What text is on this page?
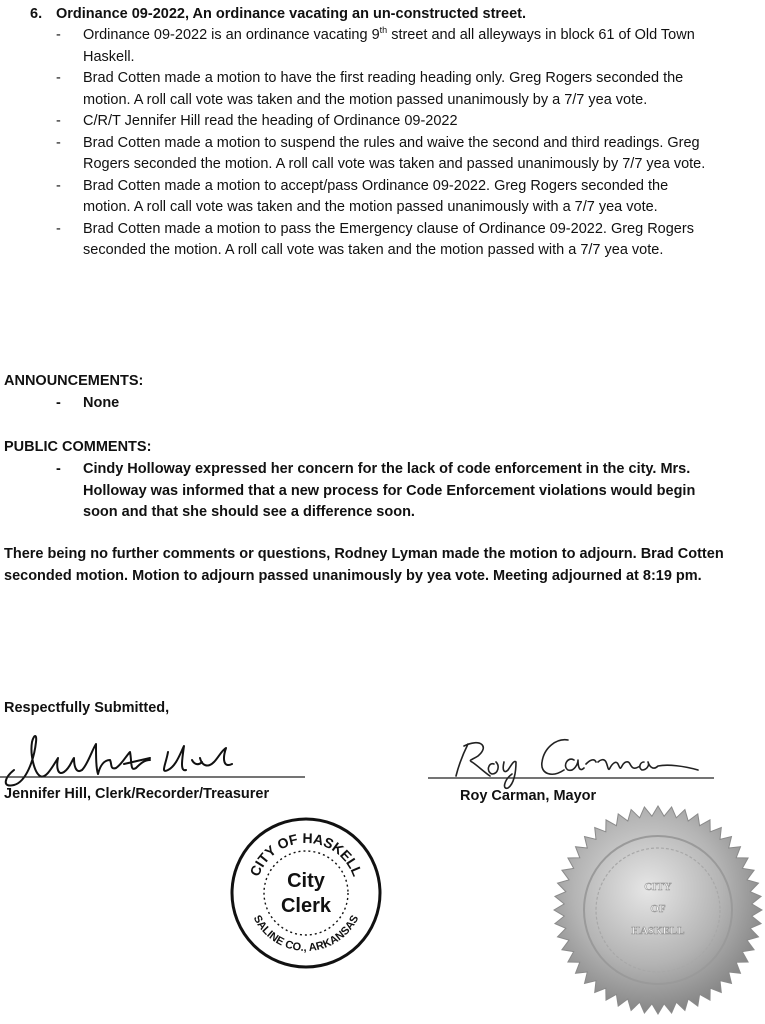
6. Ordinance 09-2022, An ordinance vacating an un-constructed street.
-	Ordinance 09-2022 is an ordinance vacating 9th street and all alleyways in block 61 of Old Town Haskell.
-	Brad Cotten made a motion to have the first reading heading only. Greg Rogers seconded the motion. A roll call vote was taken and the motion passed unanimously by a 7/7 yea vote.
-	C/R/T Jennifer Hill read the heading of Ordinance 09-2022
-	Brad Cotten made a motion to suspend the rules and waive the second and third readings. Greg Rogers seconded the motion. A roll call vote was taken and passed unanimously by 7/7 yea vote.
-	Brad Cotten made a motion to accept/pass Ordinance 09-2022. Greg Rogers seconded the motion. A roll call vote was taken and the motion passed unanimously with a 7/7 yea vote.
-	Brad Cotten made a motion to pass the Emergency clause of Ordinance 09-2022. Greg Rogers seconded the motion. A roll call vote was taken and the motion passed with a 7/7 yea vote.
ANNOUNCEMENTS:
-	None
PUBLIC COMMENTS:
-	Cindy Holloway expressed her concern for the lack of code enforcement in the city. Mrs. Holloway was informed that a new process for Code Enforcement violations would begin soon and that she should see a difference soon.
There being no further comments or questions, Rodney Lyman made the motion to adjourn. Brad Cotten seconded motion. Motion to adjourn passed unanimously by yea vote. Meeting adjourned at 8:19 pm.
Respectfully Submitted,
Jennifer Hill, Clerk/Recorder/Treasurer	Roy Carman, Mayor
CITY OF HASKELL
SALINE CO., ARKANSAS
City
Clerk
CITY
OF
HASKELL
